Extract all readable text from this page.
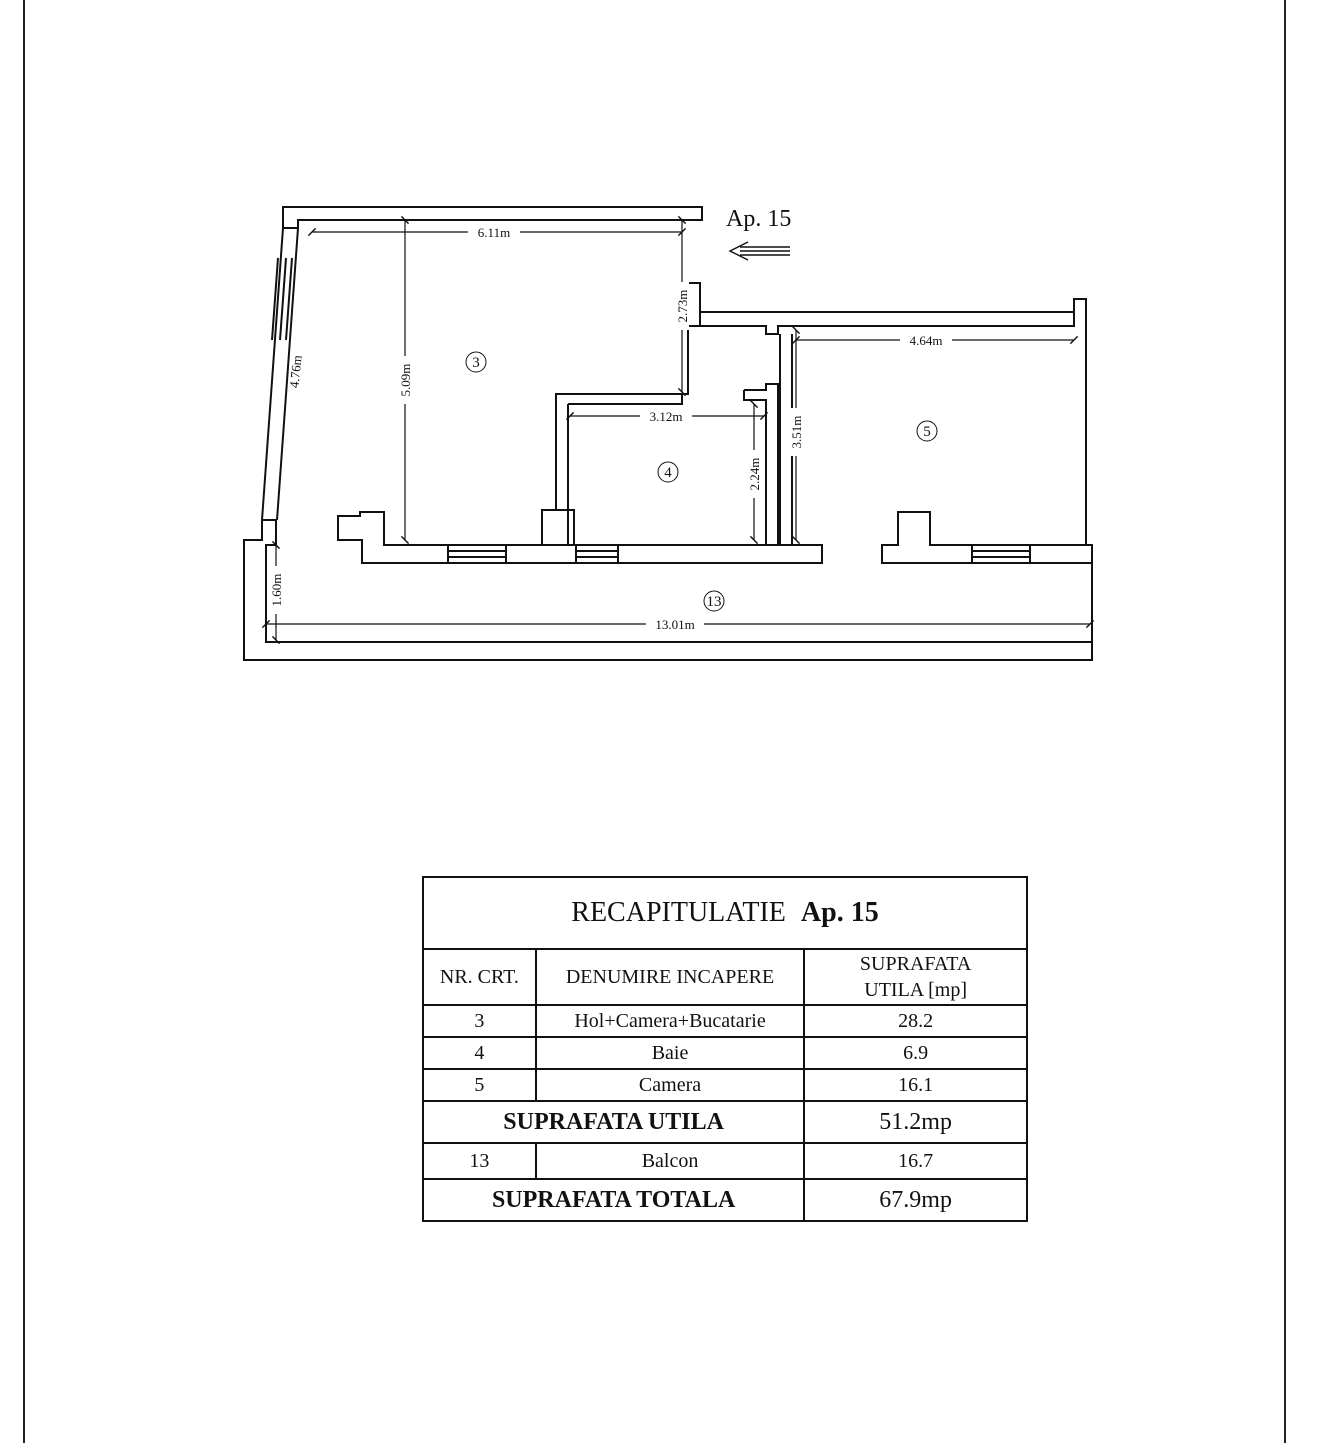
6.11m
5.09m
2.73m
4.76m
3.12m
2.24m
4.64m
3.51m
1.60m
13.01m
3
4
5
13
Ap. 15
RECAPITULATIE Ap. 15		
NR. CRT.	DENUMIRE INCAPERE	SUPRAFATA
UTILA [mp]
3	Hol+Camera+Bucatarie	28.2
4	Baie	6.9
5	Camera	16.1
SUPRAFATA UTILA		51.2mp
13	Balcon	16.7
SUPRAFATA TOTALA		67.9mp
